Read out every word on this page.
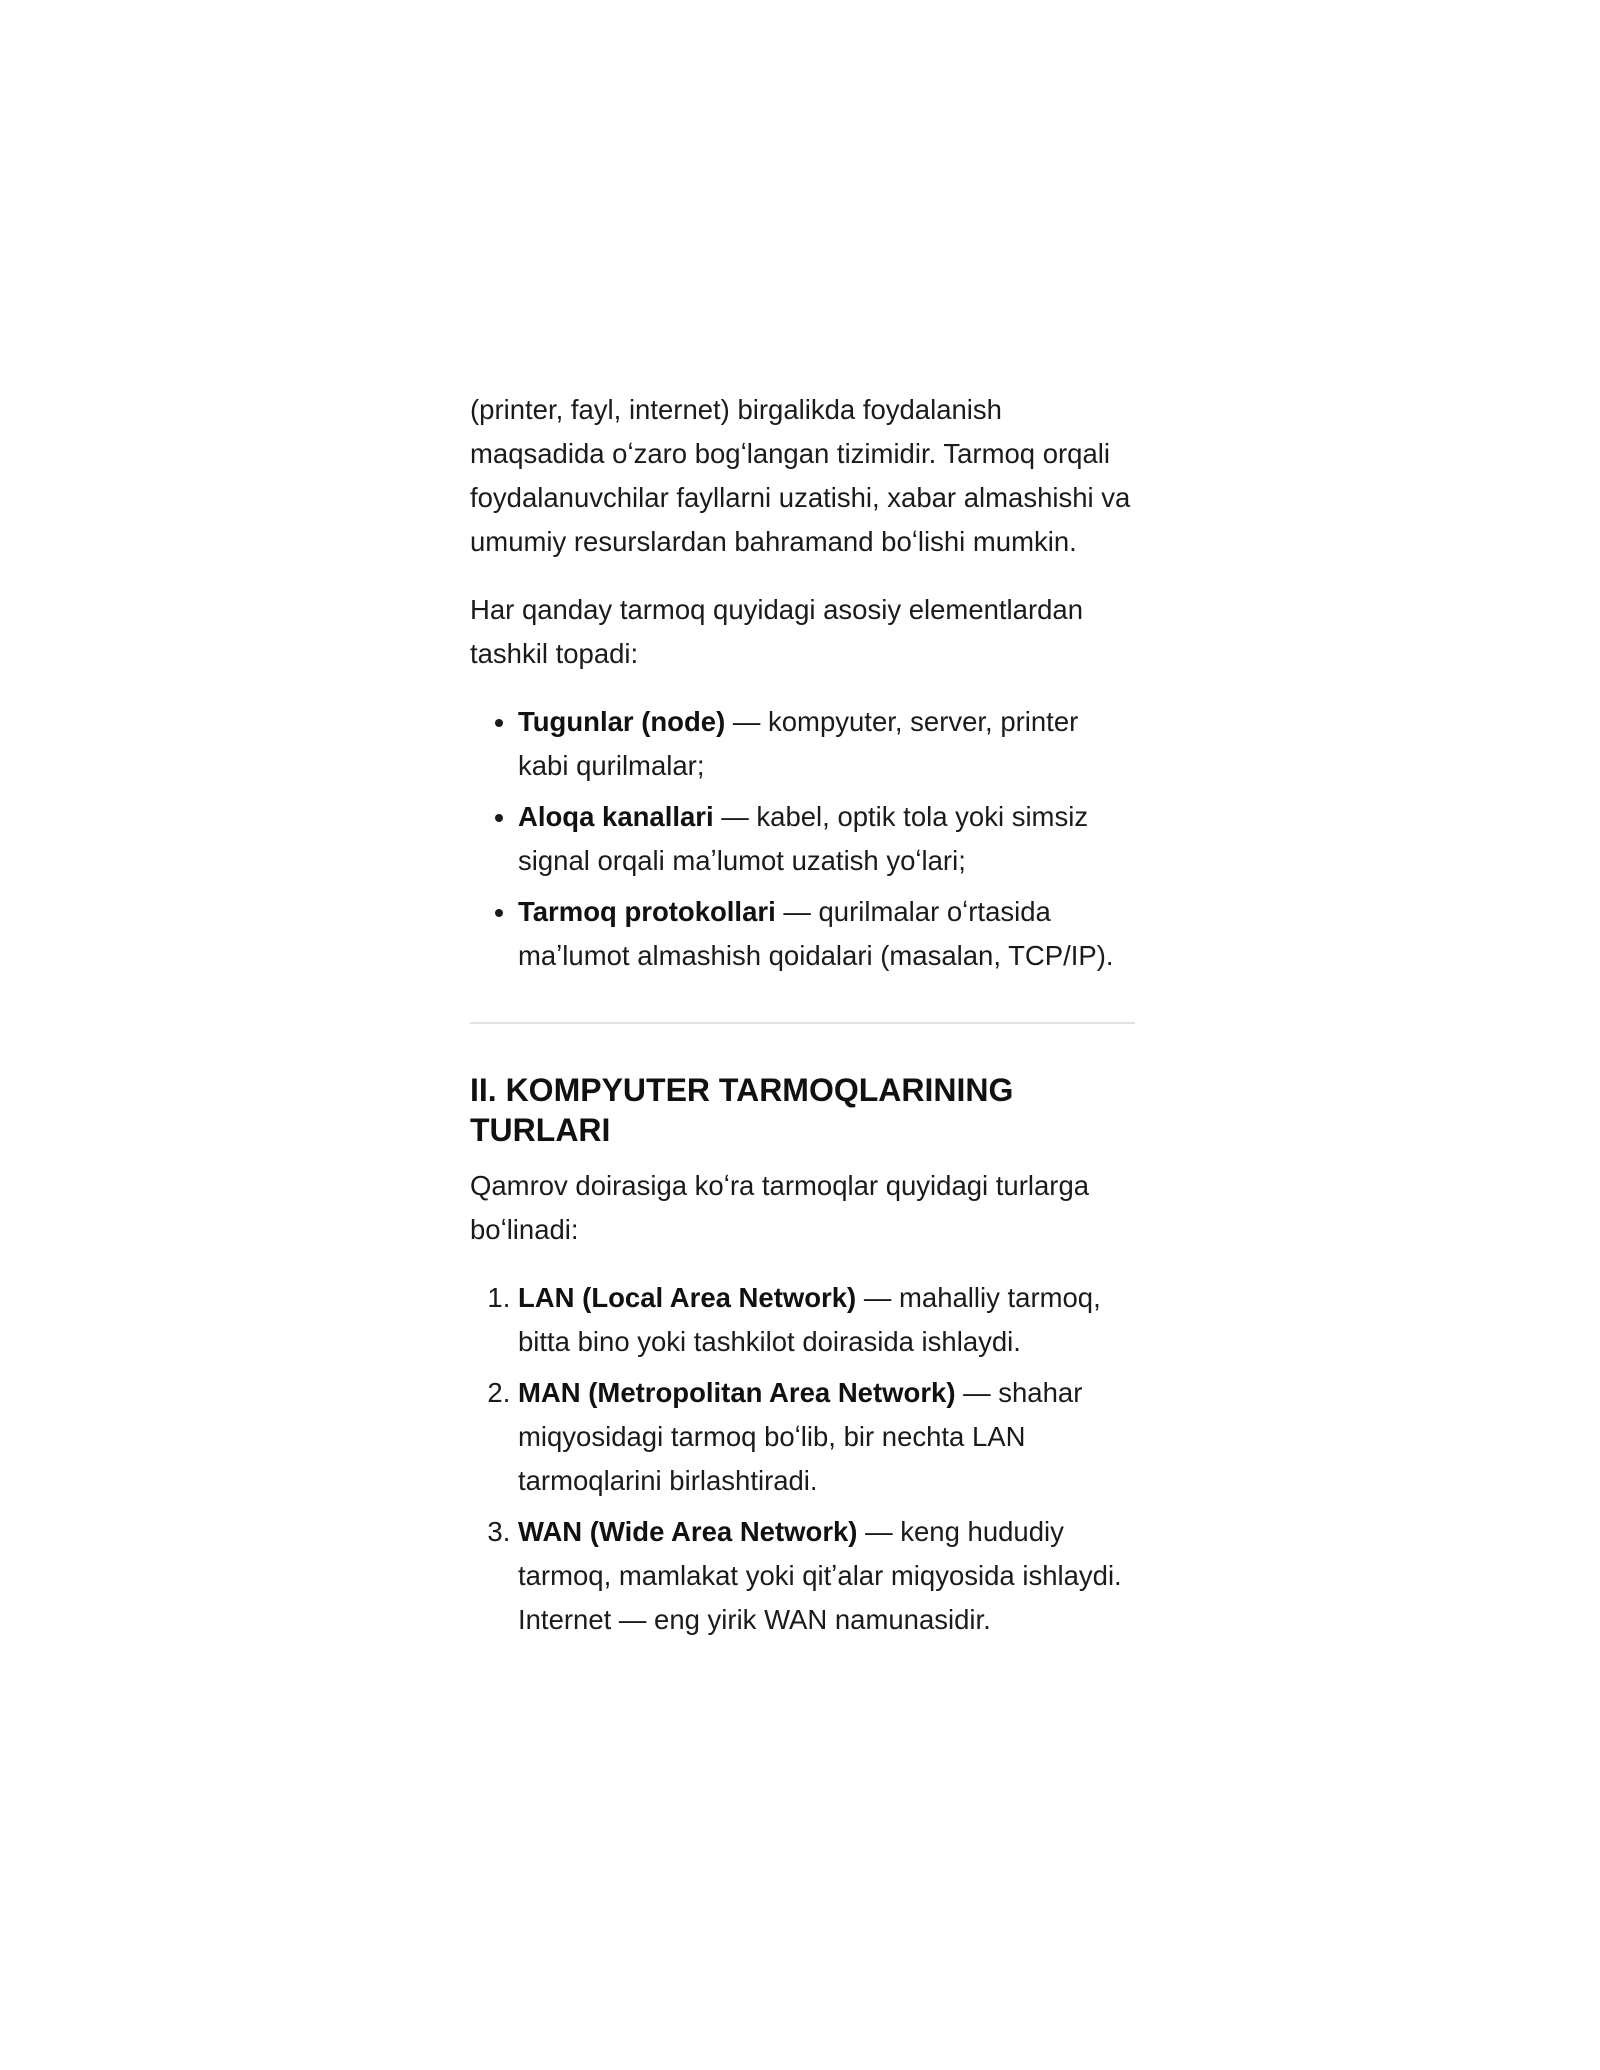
(printer, fayl, internet) birgalikda foydalanish maqsadida oʻzaro bogʻlangan tizimidir. Tarmoq orqali foydalanuvchilar fayllarni uzatishi, xabar almashishi va umumiy resurslardan bahramand boʻlishi mumkin.

Har qanday tarmoq quyidagi asosiy elementlardan tashkil topadi:

• Tugunlar (node) — kompyuter, server, printer kabi qurilmalar;
• Aloqa kanallari — kabel, optik tola yoki simsiz signal orqali maʼlumot uzatish yoʻlari;
• Tarmoq protokollari — qurilmalar oʻrtasida maʼlumot almashish qoidalari (masalan, TCP/IP).
II. KOMPYUTER TARMOQLARINING TURLARI

Qamrov doirasiga koʻra tarmoqlar quyidagi turlarga boʻlinadi:

1. LAN (Local Area Network) — mahalliy tarmoq, bitta bino yoki tashkilot doirasida ishlaydi.
2. MAN (Metropolitan Area Network) — shahar miqyosidagi tarmoq boʻlib, bir nechta LAN tarmoqlarini birlashtiradi.
3. WAN (Wide Area Network) — keng hududiy tarmoq, mamlakat yoki qitʼalar miqyosida ishlaydi. Internet — eng yirik WAN namunasidir.
